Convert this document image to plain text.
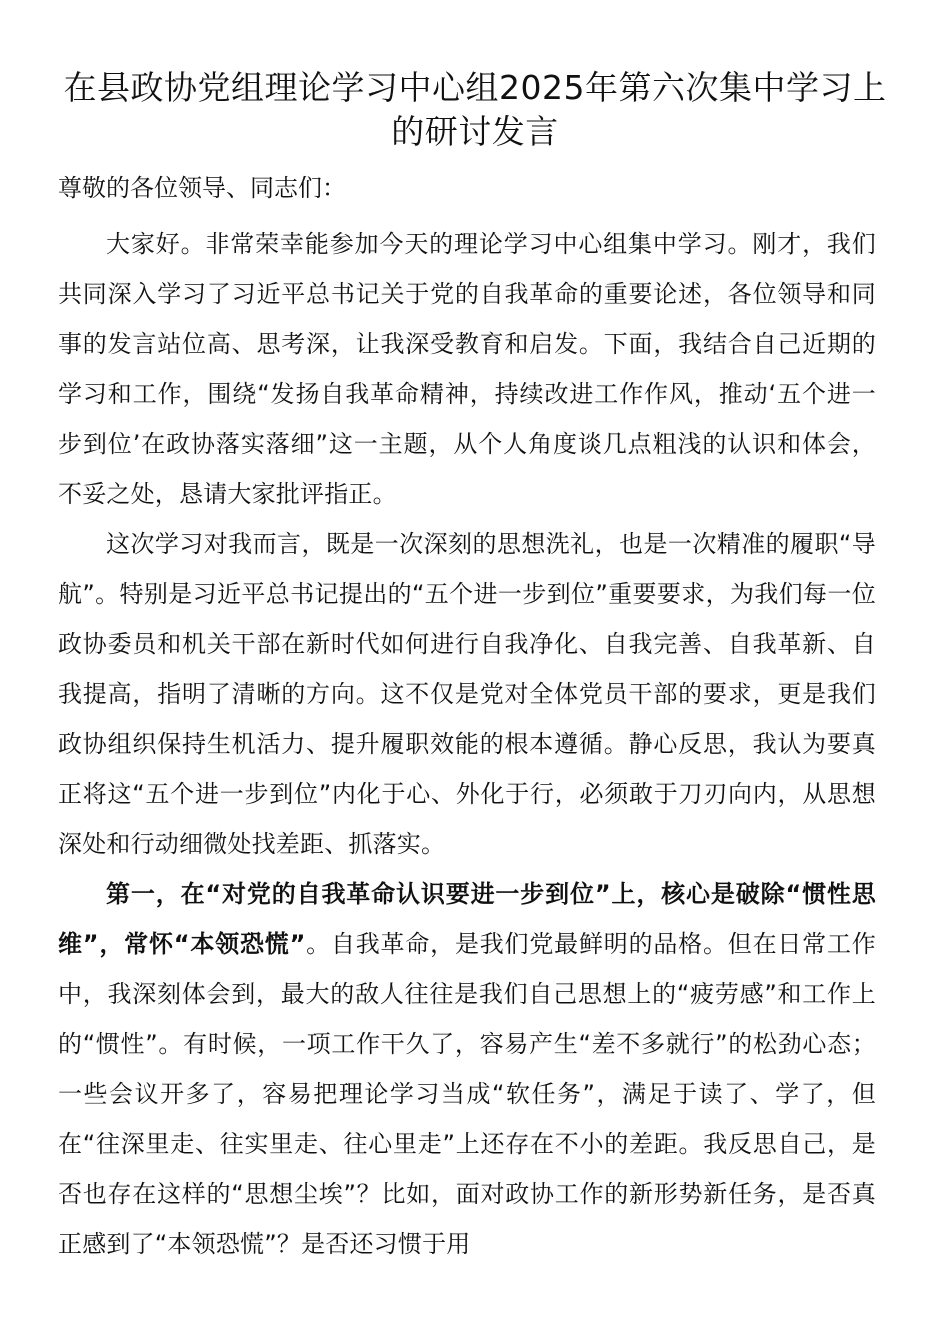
在县政协党组理论学习中心组2025年第六次集中学习上的研讨发言

尊敬的各位领导、同志们：

大家好。非常荣幸能参加今天的理论学习中心组集中学习。刚才，我们共同深入学习了习近平总书记关于党的自我革命的重要论述，各位领导和同事的发言站位高、思考深，让我深受教育和启发。下面，我结合自己近期的学习和工作，围绕“发扬自我革命精神，持续改进工作作风，推动‘五个进一步到位’在政协落实落细”这一主题，从个人角度谈几点粗浅的认识和体会，不妥之处，恳请大家批评指正。

这次学习对我而言，既是一次深刻的思想洗礼，也是一次精准的履职“导航”。特别是习近平总书记提出的“五个进一步到位”重要要求，为我们每一位政协委员和机关干部在新时代如何进行自我净化、自我完善、自我革新、自我提高，指明了清晰的方向。这不仅是党对全体党员干部的要求，更是我们政协组织保持生机活力、提升履职效能的根本遵循。静心反思，我认为要真正将这“五个进一步到位”内化于心、外化于行，必须敢于刀刃向内，从思想深处和行动细微处找差距、抓落实。

第一，在“对党的自我革命认识要进一步到位”上，核心是破除“惯性思维”，常怀“本领恐慌”。自我革命，是我们党最鲜明的品格。但在日常工作中，我深刻体会到，最大的敌人往往是我们自己思想上的“疲劳感”和工作上的“惯性”。有时候，一项工作干久了，容易产生“差不多就行”的松劲心态；一些会议开多了，容易把理论学习当成“软任务”，满足于读了、学了，但在“往深里走、往实里走、往心里走”上还存在不小的差距。我反思自己，是否也存在这样的“思想尘埃”？比如，面对政协工作的新形势新任务，是否真正感到了“本领恐慌”？是否还习惯于用
